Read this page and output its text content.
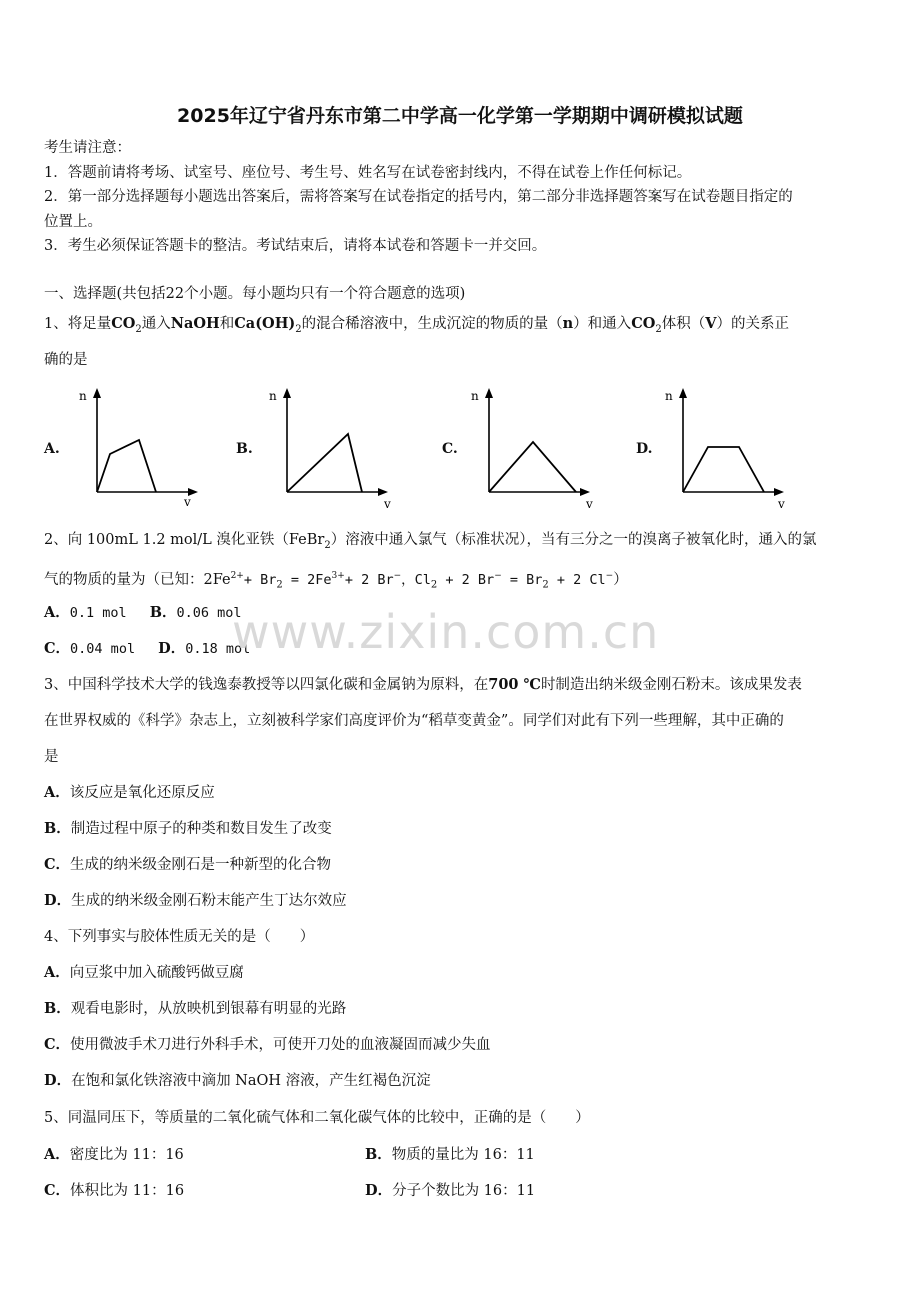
2025年辽宁省丹东市第二中学高一化学第一学期期中调研模拟试题
考生请注意：
1．答题前请将考场、试室号、座位号、考生号、姓名写在试卷密封线内，不得在试卷上作任何标记。
2．第一部分选择题每小题选出答案后，需将答案写在试卷指定的括号内，第二部分非选择题答案写在试卷题目指定的
位置上。
3．考生必须保证答题卡的整洁。考试结束后，请将本试卷和答题卡一并交回。
一、选择题(共包括22个小题。每小题均只有一个符合题意的选项)
1、将足量$CO_2$通入NaOH和$Ca(OH)_2$的混合稀溶液中，生成沉淀的物质的量（n）和通入$CO_2$体积（V）的关系正
确的是
A.
n
v
B.
n
v
C.
n
v
D.
n
v
2、向 100mL 1.2 mol/L 溴化亚铁（FeBr$_2$）溶液中通入氯气（标准状况），当有三分之一的溴离子被氧化时，通入的氯
气的物质的量为（已知：$2Fe^{2+}+ Br_2 = 2Fe^{3+}+ 2$ Br−，$Cl_2 + 2$ $Br^- = Br_2 + 2$ Cl−）
A．0.1 mol B．0.06 mol
C．0.04 mol D．0.18 mol
www.zixin.com.cn
3、中国科学技术大学的钱逸泰教授等以四氯化碳和金属钠为原料，在700 ℃时制造出纳米级金刚石粉末。该成果发表
在世界权威的《科学》杂志上，立刻被科学家们高度评价为“稻草变黄金”。同学们对此有下列一些理解，其中正确的
是
A．该反应是氧化还原反应
B．制造过程中原子的种类和数目发生了改变
C．生成的纳米级金刚石是一种新型的化合物
D．生成的纳米级金刚石粉末能产生丁达尔效应
4、下列事实与胶体性质无关的是（　　）
A．向豆浆中加入硫酸钙做豆腐
B．观看电影时，从放映机到银幕有明显的光路
C．使用微波手术刀进行外科手术，可使开刀处的血液凝固而减少失血
D．在饱和氯化铁溶液中滴加 NaOH 溶液，产生红褐色沉淀
5、同温同压下，等质量的二氧化硫气体和二氧化碳气体的比较中，正确的是（　　）
A．密度比为 11：16	B．物质的量比为 16：11
C．体积比为 11：16	D．分子个数比为 16：11
